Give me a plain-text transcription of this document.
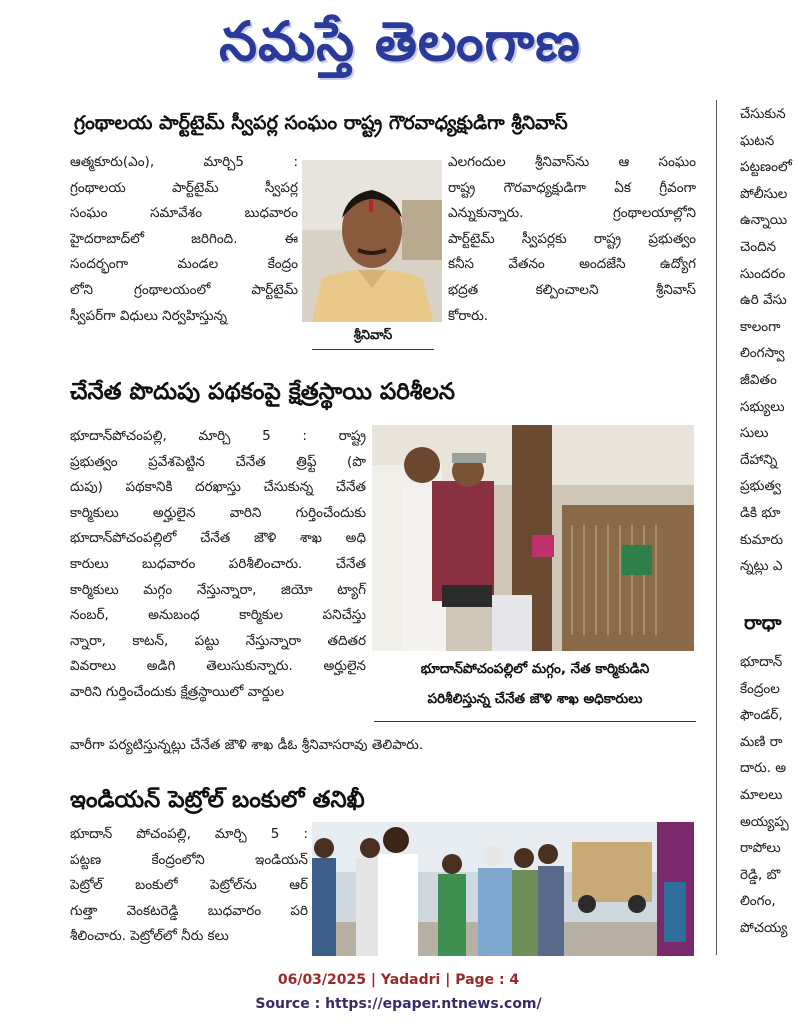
నమస్తే తెలంగాణ
గ్రంథాలయ పార్ట్‌టైమ్ స్వీపర్ల సంఘం రాష్ట్ర గౌరవాధ్యక్షుడిగా శ్రీనివాస్
ఆత్మకూరు(ఎం), మార్చి5 :
గ్రంథాలయ పార్ట్‌టైమ్ స్వీపర్ల
సంఘం సమావేశం బుధవారం
హైదరాబాద్‌లో జరిగింది. ఈ
సందర్భంగా మండల కేంద్రం
లోని గ్రంథాలయంలో పార్ట్‌టైమ్
స్వీపర్‌గా విధులు నిర్వహిస్తున్న
శ్రీనివాస్
ఎలగందుల శ్రీనివాస్‌ను ఆ సంఘం
రాష్ట్ర గౌరవాధ్యక్షుడిగా ఏక గ్రీవంగా
ఎన్నుకున్నారు. గ్రంథాలయాల్లోని
పార్ట్‌టైమ్ స్వీపర్లకు రాష్ట్ర ప్రభుత్వం
కనీస వేతనం అందజేసి ఉద్యోగ
భద్రత కల్పించాలని శ్రీనివాస్
కోరారు.
చేనేత పొదుపు పథకంపై క్షేత్రస్థాయి పరిశీలన
భూదాన్‌పోచంపల్లి, మార్చి 5 : రాష్ట్ర
ప్రభుత్వం ప్రవేశపెట్టిన చేనేత త్రిఫ్ట్ (పొ
దుపు) పథకానికి దరఖాస్తు చేసుకున్న చేనేత
కార్మికులు అర్హులైన వారిని గుర్తించేందుకు
భూదాన్‌పోచంపల్లిలో చేనేత జౌళి శాఖ అధి
కారులు బుధవారం పరిశీలించారు. చేనేత
కార్మికులు మగ్గం నేస్తున్నారా, జియో ట్యాగ్
నంబర్, అనుబంధ కార్మికుల పనిచేస్తు
న్నారా, కాటన్, పట్టు నేస్తున్నారా తదితర
వివరాలు అడిగి తెలుసుకున్నారు. అర్హులైన
వారిని గుర్తించేందుకు క్షేత్రస్థాయిలో వార్డుల
భూదాన్‌పోచంపల్లిలో మగ్గం, నేత కార్మికుడిని
పరిశీలిస్తున్న చేనేత జౌళి శాఖ అధికారులు
వారీగా పర్యటిస్తున్నట్లు చేనేత జౌళి శాఖ డీఓ శ్రీనివాసరావు తెలిపారు.
ఇండియన్ పెట్రోల్ బంకులో తనిఖీ
భూదాన్ పోచంపల్లి, మార్చి 5 :
పట్టణ కేంద్రంలోని ఇండియన్
పెట్రోల్ బంకులో పెట్రోల్‌ను ఆర్
గుత్తా వెంకటరెడ్డి బుధవారం పరి
శీలించారు. పెట్రోల్‌లో నీరు కలు
చేసుకున
ఘటన
పట్టణంలో
పోలీసుల
ఉన్నాయి
చెందిన
సుందరం
ఉరి వేసు
కాలంగా
లింగస్వా
జీవితం
సభ్యులు
సులు
దేహాన్ని
ప్రభుత్వ
డికి భూ
కుమారు
న్నట్లు ఎ
రాధా
భూదాన్
కేంద్రంల
ఫౌండర్,
మణి రా
దారు. అ
మాలలు
అయ్యప్ప
రాపోలు
రెడ్డి, బొ
లింగం,
పోచయ్య
06/03/2025 | Yadadri | Page : 4
Source : https://epaper.ntnews.com/
